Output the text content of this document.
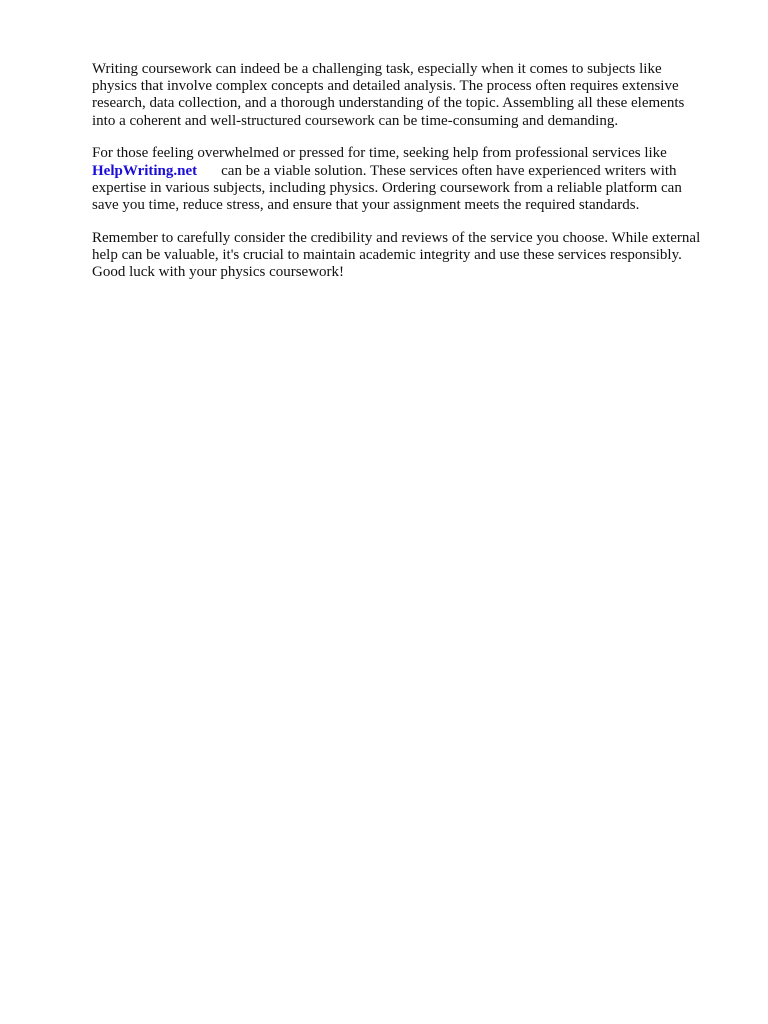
Writing coursework can indeed be a challenging task, especially when it comes to subjects like
physics that involve complex concepts and detailed analysis. The process often requires extensive
research, data collection, and a thorough understanding of the topic. Assembling all these elements
into a coherent and well-structured coursework can be time-consuming and demanding.

For those feeling overwhelmed or pressed for time, seeking help from professional services like
HelpWriting.net can be a viable solution. These services often have experienced writers with
expertise in various subjects, including physics. Ordering coursework from a reliable platform can
save you time, reduce stress, and ensure that your assignment meets the required standards.

Remember to carefully consider the credibility and reviews of the service you choose. While external
help can be valuable, it's crucial to maintain academic integrity and use these services responsibly.
Good luck with your physics coursework!
